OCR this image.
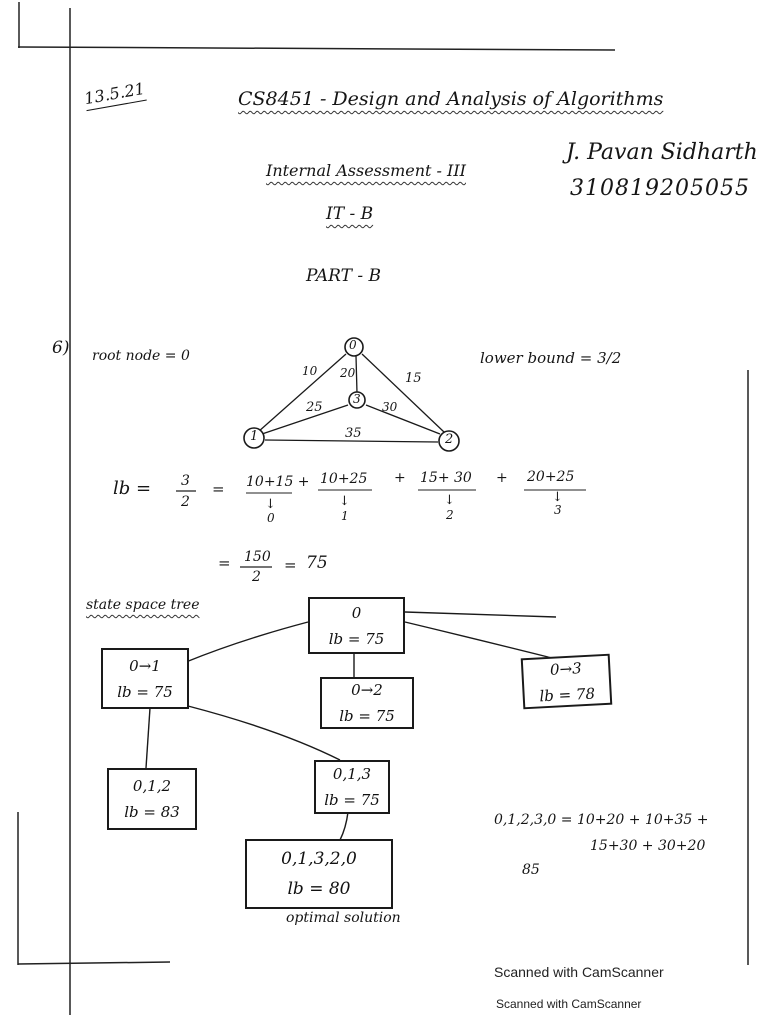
13.5.21	CS8451 - Design and Analysis of Algorithms
Internal Assessment - III
IT - B
PART - B
J. Pavan Sidharth
310819205055
6) root node = 0	lower bound = 3/2
0
1	2
3
10 20	15
25	30
35
lb = 3
2
= 10+15 +
↓
0
10+25
↓
1
+ 15+ 30
↓
2
+ 20+25
↓
3
= 150
2
= 75
state space tree	0
lb = 75
0→1
lb = 75	0→2
lb = 75
0→3
lb = 78
0,1,2
lb = 83
0,1,3
lb = 75
0,1,3,2,0
lb = 80
optimal solution
0,1,2,3,0 = 10+20 + 10+35 +
15+30 + 30+20
85
Scanned with CamScanner
Scanned with CamScanner
